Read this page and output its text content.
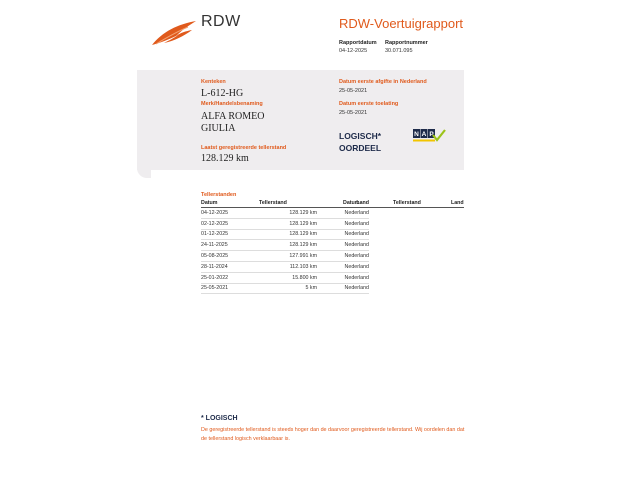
RDW	RDW-Voertuigrapport
Rapportdatum Rapportnummer
04-12-2025	30.071.095
Kenteken
L-612-HG
Merk/Handelsbenaming
ALFA ROMEO
GIULIA
Laatst geregistreerde tellerstand
128.129 km
Datum eerste afgifte in Nederland
25-05-2021
Datum eerste toelating
25-05-2021
LOGISCH*
OORDEEL
N A P
Tellerstanden
Datum	Tellerstand	Land
04-12-2025	128.129 km	Nederland
02-12-2025	128.129 km	Nederland
01-12-2025	128.129 km	Nederland
24-11-2025	128.129 km	Nederland
05-08-2025	127.991 km	Nederland
28-11-2024	112.103 km	Nederland
25-01-2022	15.800 km	Nederland
25-05-2021	5 km	Nederland
Datum	Tellerstand	Land
* LOGISCH
De geregistreerde tellerstand is steeds hoger dan de daarvoor geregistreerde tellerstand. Wij oordelen dan dat de tellerstand logisch verklaarbaar is.
